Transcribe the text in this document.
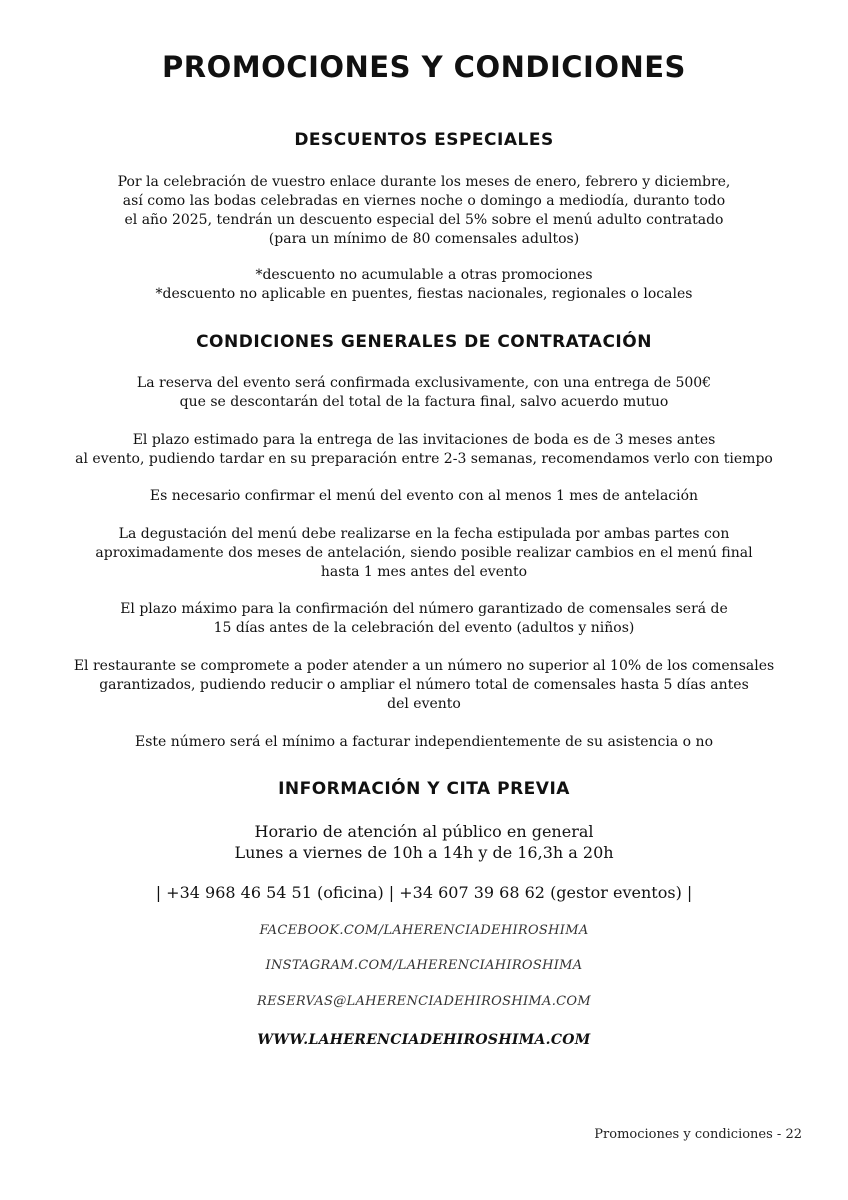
PROMOCIONES Y CONDICIONES
DESCUENTOS ESPECIALES

Por la celebración de vuestro enlace durante los meses de enero, febrero y diciembre,
así como las bodas celebradas en viernes noche o domingo a mediodía, duranto todo
el año 2025, tendrán un descuento especial del 5% sobre el menú adulto contratado
(para un mínimo de 80 comensales adultos)

*descuento no acumulable a otras promociones
*descuento no aplicable en puentes, fiestas nacionales, regionales o locales

CONDICIONES GENERALES DE CONTRATACIÓN

La reserva del evento será confirmada exclusivamente, con una entrega de 500€
que se descontarán del total de la factura final, salvo acuerdo mutuo

El plazo estimado para la entrega de las invitaciones de boda es de 3 meses antes
al evento, pudiendo tardar en su preparación entre 2-3 semanas, recomendamos verlo con tiempo

Es necesario confirmar el menú del evento con al menos 1 mes de antelación

La degustación del menú debe realizarse en la fecha estipulada por ambas partes con
aproximadamente dos meses de antelación, siendo posible realizar cambios en el menú final
hasta 1 mes antes del evento

El plazo máximo para la confirmación del número garantizado de comensales será de
15 días antes de la celebración del evento (adultos y niños)

El restaurante se compromete a poder atender a un número no superior al 10% de los comensales
garantizados, pudiendo reducir o ampliar el número total de comensales hasta 5 días antes
del evento

Este número será el mínimo a facturar independientemente de su asistencia o no

INFORMACIÓN Y CITA PREVIA

Horario de atención al público en general
Lunes a viernes de 10h a 14h y de 16,3h a 20h

| +34 968 46 54 51 (oficina) | +34 607 39 68 62 (gestor eventos) |

FACEBOOK.COM/LAHERENCIADEHIROSHIMA

INSTAGRAM.COM/LAHERENCIAHIROSHIMA

RESERVAS@LAHERENCIADEHIROSHIMA.COM

WWW.LAHERENCIADEHIROSHIMA.COM

Promociones y condiciones - 22
